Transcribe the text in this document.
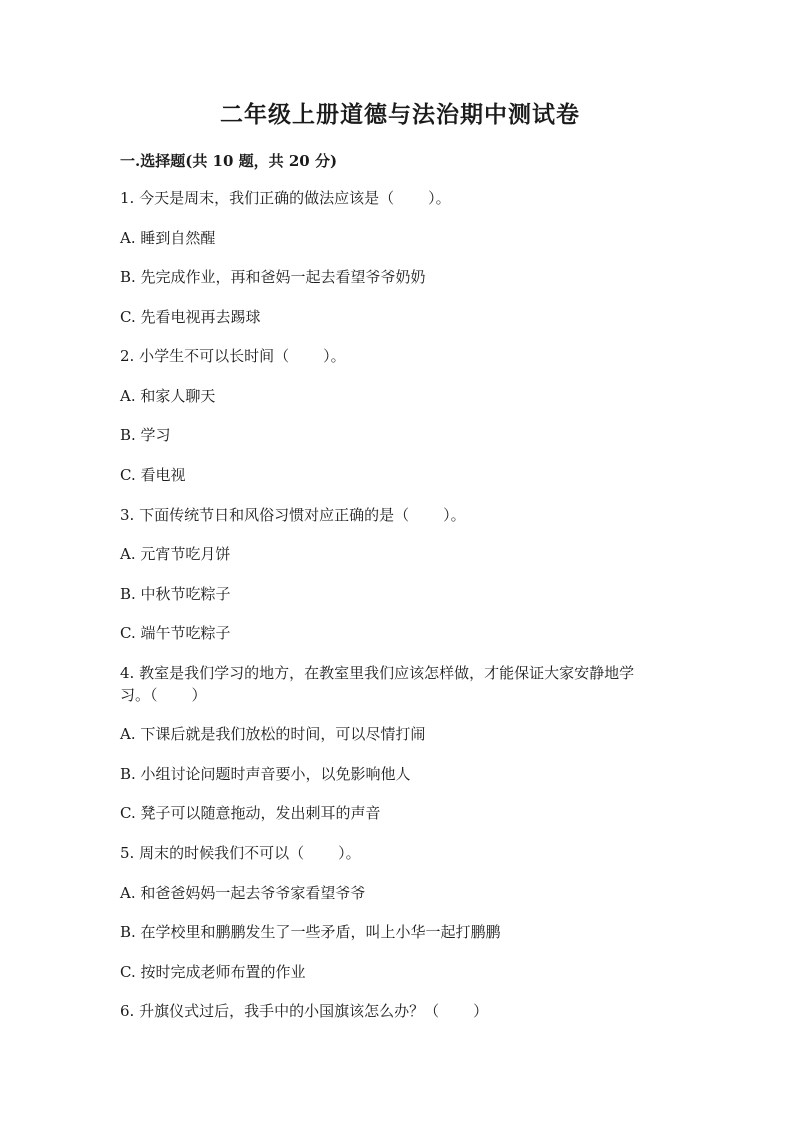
二年级上册道德与法治期中测试卷
一.选择题(共 10 题，共 20 分)

1. 今天是周末，我们正确的做法应该是（ ）。

A. 睡到自然醒

B. 先完成作业，再和爸妈一起去看望爷爷奶奶

C. 先看电视再去踢球

2. 小学生不可以长时间（ ）。

A. 和家人聊天

B. 学习

C. 看电视

3. 下面传统节日和风俗习惯对应正确的是（ ）。

A. 元宵节吃月饼

B. 中秋节吃粽子

C. 端午节吃粽子

4. 教室是我们学习的地方，在教室里我们应该怎样做，才能保证大家安静地学

习。（ ）

A. 下课后就是我们放松的时间，可以尽情打闹

B. 小组讨论问题时声音要小，以免影响他人

C. 凳子可以随意拖动，发出刺耳的声音

5. 周末的时候我们不可以（ ）。

A. 和爸爸妈妈一起去爷爷家看望爷爷

B. 在学校里和鹏鹏发生了一些矛盾，叫上小华一起打鹏鹏

C. 按时完成老师布置的作业

6. 升旗仪式过后，我手中的小国旗该怎么办？（ ）
